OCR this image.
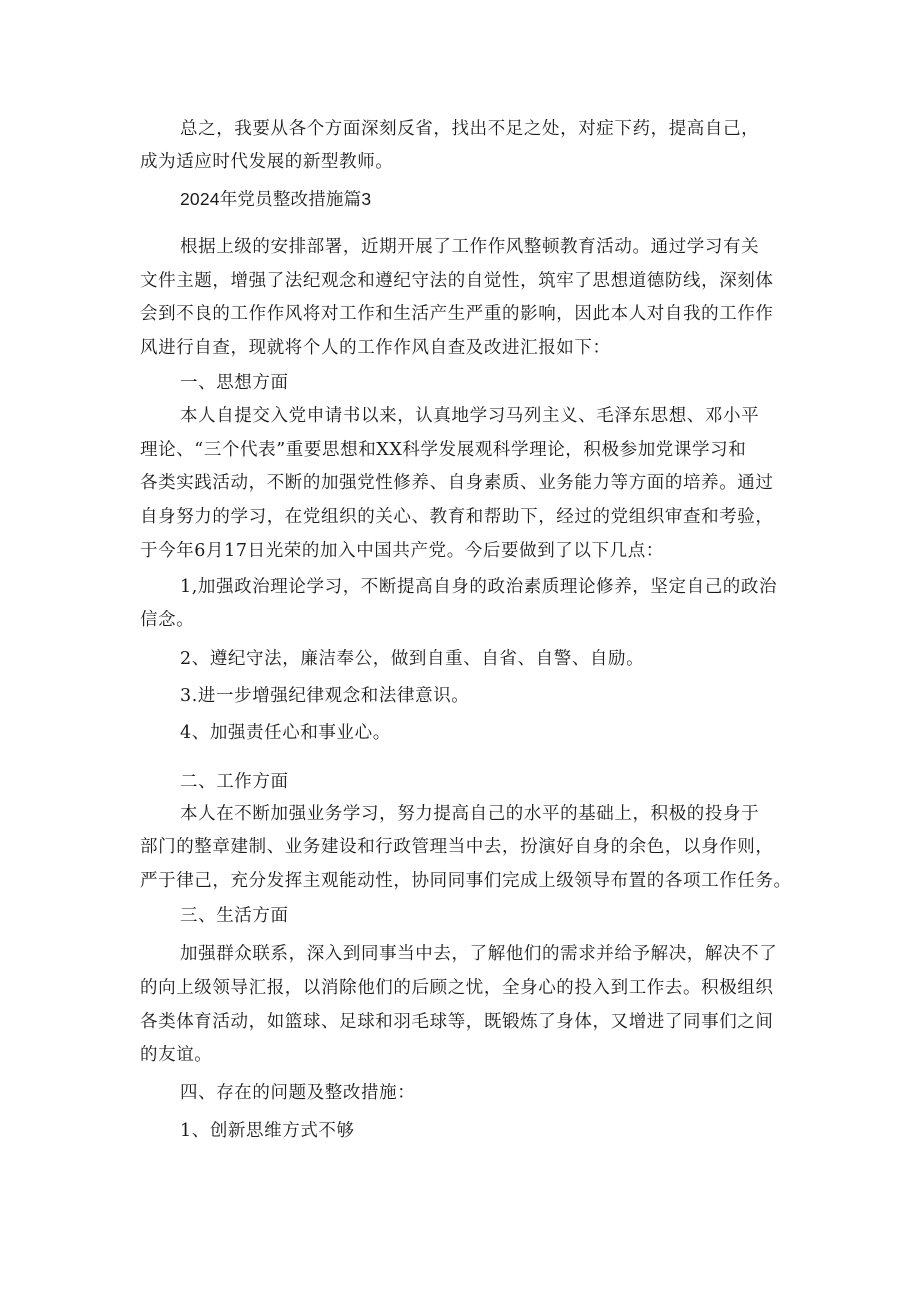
总之，我要从各个方面深刻反省，找出不足之处，对症下药，提高自己，
成为适应时代发展的新型教师。
2024年党员整改措施篇3
根据上级的安排部署，近期开展了工作作风整顿教育活动。通过学习有关
文件主题，增强了法纪观念和遵纪守法的自觉性，筑牢了思想道德防线，深刻体
会到不良的工作作风将对工作和生活产生严重的影响，因此本人对自我的工作作
风进行自查，现就将个人的工作作风自查及改进汇报如下：
一、思想方面
本人自提交入党申请书以来，认真地学习马列主义、毛泽东思想、邓小平
理论、“三个代表”重要思想和XX科学发展观科学理论，积极参加党课学习和
各类实践活动，不断的加强党性修养、自身素质、业务能力等方面的培养。通过
自身努力的学习，在党组织的关心、教育和帮助下，经过的党组织审查和考验，
于今年6月17日光荣的加入中国共产党。今后要做到了以下几点：
1,加强政治理论学习，不断提高自身的政治素质理论修养，坚定自己的政治
信念。
2、遵纪守法，廉洁奉公，做到自重、自省、自警、自励。
3.进一步增强纪律观念和法律意识。
4、加强责任心和事业心。
二、工作方面
本人在不断加强业务学习，努力提高自己的水平的基础上，积极的投身于
部门的整章建制、业务建设和行政管理当中去，扮演好自身的余色，以身作则，
严于律己，充分发挥主观能动性，协同同事们完成上级领导布置的各项工作任务。
三、生活方面
加强群众联系，深入到同事当中去，了解他们的需求并给予解决，解决不了
的向上级领导汇报，以消除他们的后顾之忧，全身心的投入到工作去。积极组织
各类体育活动，如篮球、足球和羽毛球等，既锻炼了身体，又增进了同事们之间
的友谊。
四、存在的问题及整改措施：
1、创新思维方式不够
